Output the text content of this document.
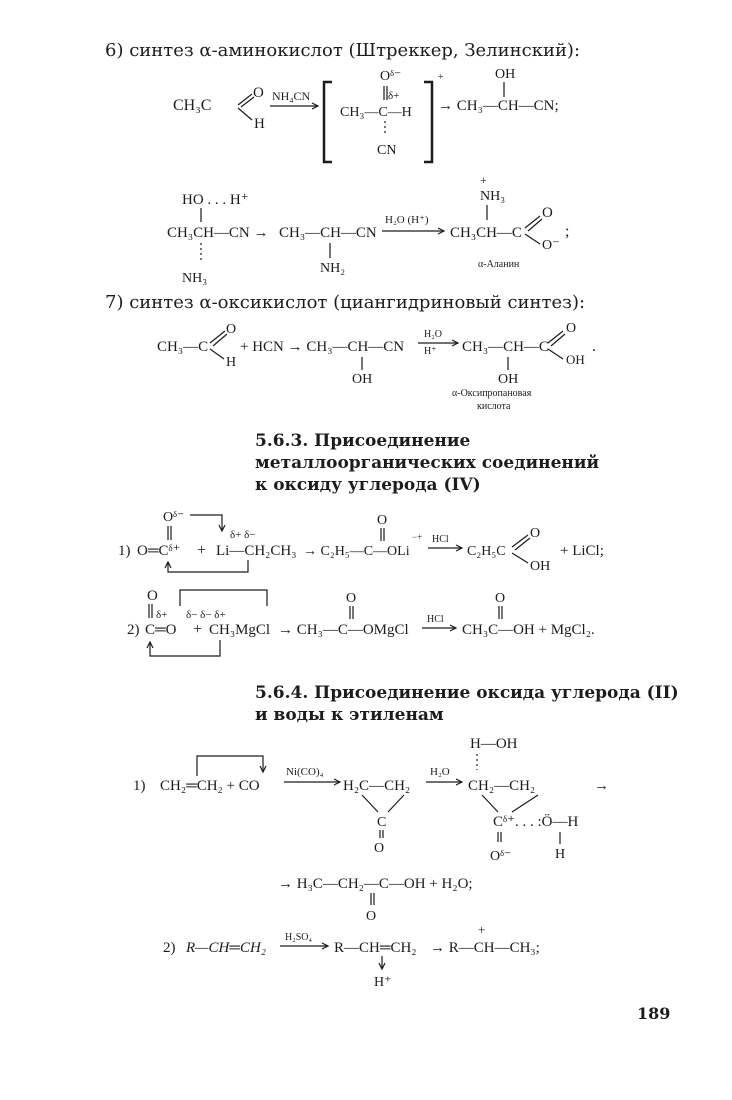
6) синтез α-аминокислот (Штреккер, Зелинский):
CH₃C
O
H
NH₄CN
Oᵟ⁻
δ+
CH₃—C—H
CN
+	OH
→ CH₃—CH—CN;
HO . . . H⁺
CH₃CH—CN →
NH₃
CH₃—CH—CN
NH₂
H₂O (H⁺)
+
NH₃
CH₃CH—C
O
O⁻
;
α-Аланин
7) синтез α-оксикислот (циангидриновый синтез):
CH₃—C
O
H
+ HCN → CH₃—CH—CN
OH
H₂O
H⁺ CH₃—CH—C
O
OH
.
OH
α-Оксипропановая
кислота
5.6.3. Присоединение
металлоорганических соединений
к оксиду углерода (IV)
Oᵟ⁻
1) O═Cᵟ⁺ +
δ+ δ−
Li—CH₂CH₃ → C₂H₅—C—OLi
O
−+ HCl
C₂H₅C
O
OH
+ LiCl;
O
δ+ δ− δ− δ+
2) C═O + CH₃MgCl → CH₃—C—OMgCl
O
HCl
CH₃C—OH + MgCl₂.
O
5.6.4. Присоединение оксида углерода (II)
и воды к этиленам
1) CH₂═CH₂ + CO
Ni(CO)₄
H₂C—CH₂
C
O
H₂O
H—OH
CH₂—CH₂
Cᵟ⁺. . . :Ö—H
Oᵟ⁻	H
→
→ H₃C—CH₂—C—OH + H₂O;
O
2) R—CH═CH₂
H₂SO₄
R—CH═CH₂
H⁺
→ R—CH—CH₃;
+
189
